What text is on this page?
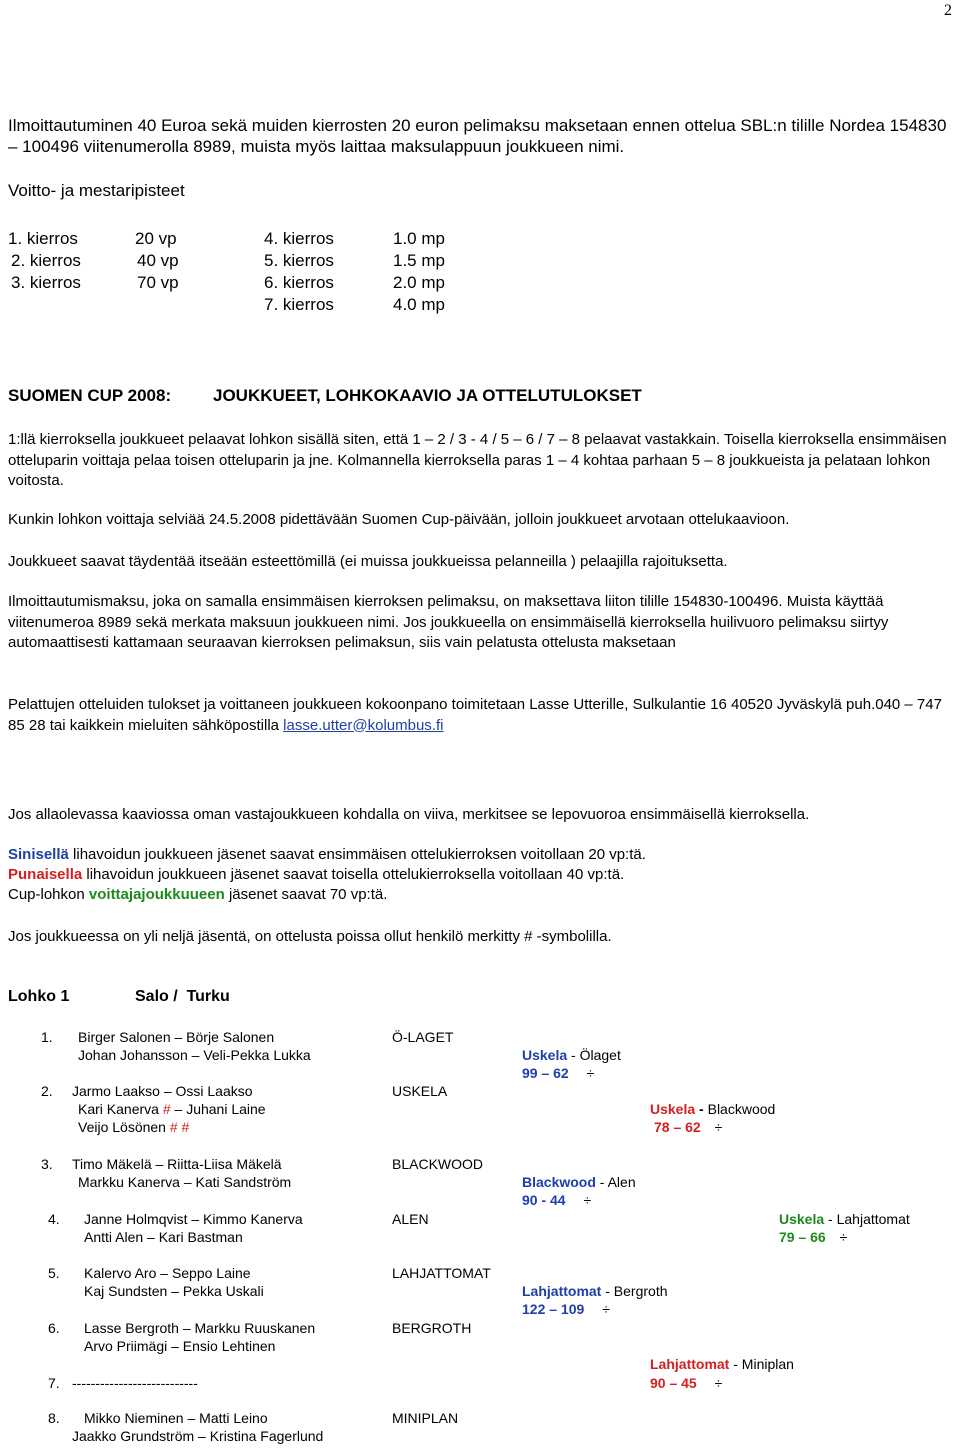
2
Ilmoittautuminen 40 Euroa sekä muiden kierrosten 20 euron pelimaksu maksetaan ennen ottelua SBL:n tilille Nordea 154830 – 100496 viitenumerolla 8989, muista myös laittaa maksulappuun joukkueen nimi.
Voitto- ja mestaripisteet
1. kierros	20 vp
2. kierros	40 vp
3. kierros	70 vp
4. kierros	1.0 mp
5. kierros	1.5 mp
6. kierros	2.0 mp
7. kierros	4.0 mp
SUOMEN CUP 2008: JOUKKUEET, LOHKOKAAVIO JA OTTELUTULOKSET
1:llä kierroksella joukkueet pelaavat lohkon sisällä siten, että 1 – 2 / 3 - 4 / 5 – 6 / 7 – 8 pelaavat vastakkain. Toisella kierroksella ensimmäisen otteluparin voittaja pelaa toisen otteluparin ja jne. Kolmannella kierroksella paras 1 – 4 kohtaa parhaan 5 – 8 joukkueista ja pelataan lohkon voitosta.
Kunkin lohkon voittaja selviää 24.5.2008 pidettävään Suomen Cup-päivään, jolloin joukkueet arvotaan ottelukaavioon.
Joukkueet saavat täydentää itseään esteettömillä (ei muissa joukkueissa pelanneilla ) pelaajilla rajoituksetta.
Ilmoittautumismaksu, joka on samalla ensimmäisen kierroksen pelimaksu, on maksettava liiton tilille 154830-100496. Muista käyttää viitenumeroa 8989 sekä merkata maksuun joukkueen nimi. Jos joukkueella on ensimmäisellä kierroksella huilivuoro pelimaksu siirtyy automaattisesti kattamaan seuraavan kierroksen pelimaksun, siis vain pelatusta ottelusta maksetaan
Pelattujen otteluiden tulokset ja voittaneen joukkueen kokoonpano toimitetaan Lasse Utterille, Sulkulantie 16 40520 Jyväskylä puh.040 – 747 85 28 tai kaikkein mieluiten sähköpostilla lasse.utter@kolumbus.fi
Jos allaolevassa kaaviossa oman vastajoukkueen kohdalla on viiva, merkitsee se lepovuoroa ensimmäisellä kierroksella.
Sinisellä lihavoidun joukkueen jäsenet saavat ensimmäisen ottelukierroksen voitollaan 20 vp:tä.
Punaisella lihavoidun joukkueen jäsenet saavat toisella ottelukierroksella voitollaan 40 vp:tä.
Cup-lohkon voittajajoukkuueen jäsenet saavat 70 vp:tä.
Jos joukkueessa on yli neljä jäsentä, on ottelusta poissa ollut henkilö merkitty # -symbolilla.
Lohko 1	Salo /  Turku
1. Birger Salonen – Börje Salonen
Johan Johansson – Veli-Pekka Lukka
Ö-LAGET
2. Jarmo Laakso – Ossi Laakso
Kari Kanerva # – Juhani Laine
Veijo Lösönen # #
USKELA
3. Timo Mäkelä – Riitta-Liisa Mäkelä
Markku Kanerva – Kati Sandström
BLACKWOOD
4. Janne Holmqvist – Kimmo Kanerva
Antti Alen – Kari Bastman
ALEN
5. Kalervo Aro – Seppo Laine
Kaj Sundsten – Pekka Uskali
LAHJATTOMAT
6. Lasse Bergroth – Markku Ruuskanen
Arvo Priimägi – Ensio Lehtinen
BERGROTH
7. ---------------------------
8. Mikko Nieminen – Matti Leino
Jaakko Grundström – Kristina Fagerlund
MINIPLAN
Uskela - Ölaget
99 – 62 ÷
Blackwood - Alen
90 - 44 ÷
Lahjattomat - Bergroth
122 – 109 ÷
Uskela - Blackwood
78 – 62 ÷
Lahjattomat - Miniplan
90 – 45 ÷
Uskela - Lahjattomat
79 – 66 ÷
